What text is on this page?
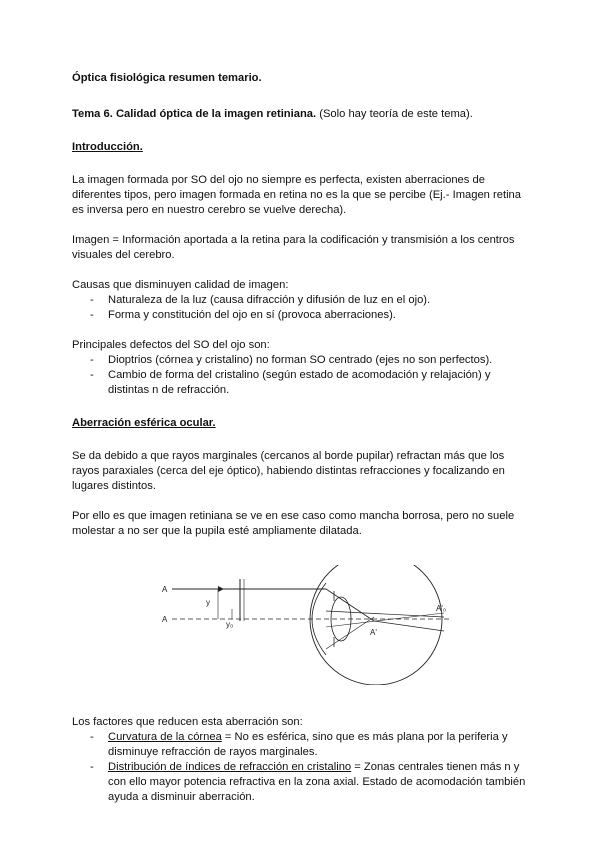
Óptica fisiológica resumen temario.

Tema 6. Calidad óptica de la imagen retiniana. (Solo hay teoría de este tema).

Introducción.

La imagen formada por SO del ojo no siempre es perfecta, existen aberraciones de diferentes tipos, pero imagen formada en retina no es la que se percibe (Ej.- Imagen retina es inversa pero en nuestro cerebro se vuelve derecha).

Imagen = Información aportada a la retina para la codificación y transmisión a los centros visuales del cerebro.

Causas que disminuyen calidad de imagen:

- Naturaleza de la luz (causa difracción y difusión de luz en el ojo).
- Forma y constitución del ojo en sí (provoca aberraciones).

Principales defectos del SO del ojo son:

- Dioptrios (córnea y cristalino) no forman SO centrado (ejes no son perfectos).
- Cambio de forma del cristalino (según estado de acomodación y relajación) y distintas n de refracción.

Aberración esférica ocular.

Se da debido a que rayos marginales (cercanos al borde pupilar) refractan más que los rayos paraxiales (cerca del eje óptico), habiendo distintas refracciones y focalizando en lugares distintos.

Por ello es que imagen retiniana se ve en ese caso como mancha borrosa, pero no suele molestar a no ser que la pupila esté ampliamente dilatada.

A
A
y
y₀
A'
A'₀

Los factores que reducen esta aberración son:

- Curvatura de la córnea = No es esférica, sino que es más plana por la periferia y disminuye refracción de rayos marginales.
- Distribución de índices de refracción en cristalino = Zonas centrales tienen más n y con ello mayor potencia refractiva en la zona axial. Estado de acomodación también ayuda a disminuir aberración.
